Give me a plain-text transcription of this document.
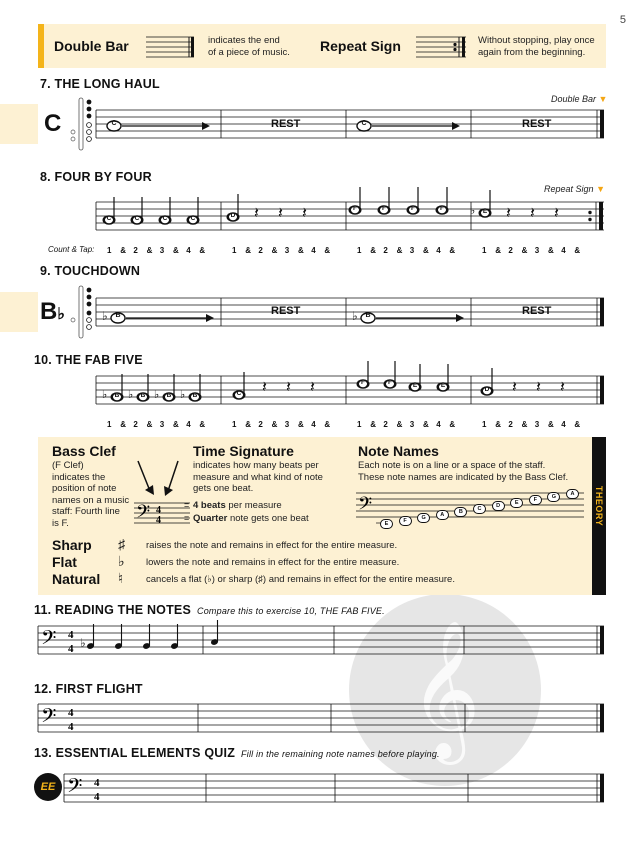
5
Double Bar	indicates the end
of a piece of music. Repeat Sign	Without stopping, play once
again from the beginning.
𝄞
7. THE LONG HAUL
Double Bar ▼
C	C	REST	C	REST
8. FOUR BY FOUR
Repeat Sign ▼
Count & Tap:
9. TOUCHDOWN
B♭	♭ B	REST	♭ B	REST
10. THE FAB FIVE
THEORY
Bass Clef
(F Clef)
indicates the
position of note
names on a music
staff: Fourth line
is F.	𝄢 4
4
=
=
4 beats per measure
Quarter note gets one beat
Time Signature
indicates how many beats per
measure and what kind of note
gets one beat.
Note Names
Each note is on a line or a space of the staff.
These note names are indicated by the Bass Clef.
𝄢
E	F	G	A	B	C	D	E	F	G	A
Sharp ♯ raises the note and remains in effect for the entire measure.
Flat	♭ lowers the note and remains in effect for the entire measure.
Natural ♮ cancels a flat (♭) or sharp (♯) and remains in effect for the entire measure.
11. READING THE NOTES Compare this to exercise 10, THE FAB FIVE.
𝄢 4
4
12. FIRST FLIGHT
𝄢 4
4
13. ESSENTIAL ELEMENTS QUIZ Fill in the remaining note names before playing.
EE 𝄢 4
4
C	C	C	C	D 𝄽 𝄽 𝄽	F	F	F	F	E
♭ 𝄽 𝄽 𝄽
1 & 2 & 3 & 4 &	1 & 2 & 3 & 4 &	1 & 2 & 3 & 4 &	1 & 2 & 3 & 4 &
B
♭	B
♭	B
♭	B
♭	C 𝄽 𝄽 𝄽	F	F	E	E
D 𝄽 𝄽 𝄽
1 & 2 & 3 & 4 &	1 & 2 & 3 & 4 &	1 & 2 & 3 & 4 &	1 & 2 & 3 & 4 &
♭
